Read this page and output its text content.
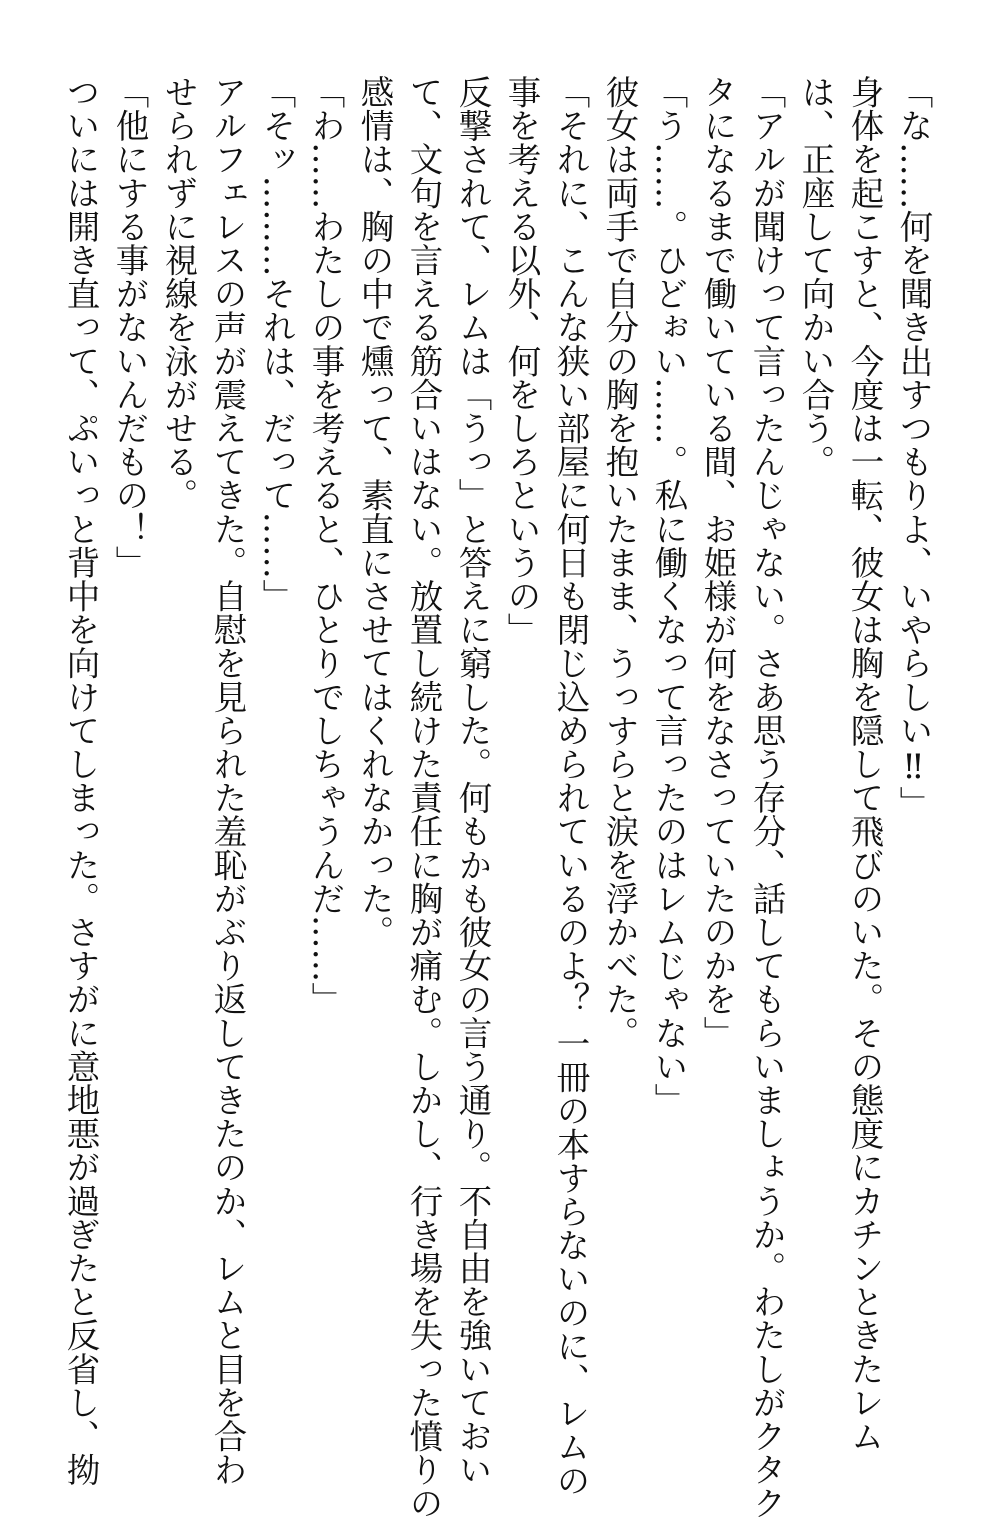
「な……何を聞き出すつもりよ、いやらしい‼」
身体を起こすと、今度は一転、彼女は胸を隠して飛びのいた。その態度にカチンときたレム
は、正座して向かい合う。
「アルが聞けって言ったんじゃない。さあ思う存分、話してもらいましょうか。わたしがクタク
タになるまで働いている間、お姫様が何をなさっていたのかを」
「う……。ひどぉい……。私に働くなって言ったのはレムじゃない」
彼女は両手で自分の胸を抱いたまま、うっすらと涙を浮かべた。
「それに、こんな狭い部屋に何日も閉じ込められているのよ？ 一冊の本すらないのに、レムの
事を考える以外、何をしろというの」
反撃されて、レムは「うっ」と答えに窮した。何もかも彼女の言う通り。不自由を強いておい
て、文句を言える筋合いはない。放置し続けた責任に胸が痛む。しかし、行き場を失った憤りの
感情は、胸の中で燻って、素直にさせてはくれなかった。
「わ……わたしの事を考えると、ひとりでしちゃうんだ……」
「そッ………それは、だって……」
アルフェレスの声が震えてきた。自慰を見られた羞恥がぶり返してきたのか、レムと目を合わ
せられずに視線を泳がせる。
「他にする事がないんだもの！」
ついには開き直って、ぷいっと背中を向けてしまった。さすがに意地悪が過ぎたと反省し、拗
